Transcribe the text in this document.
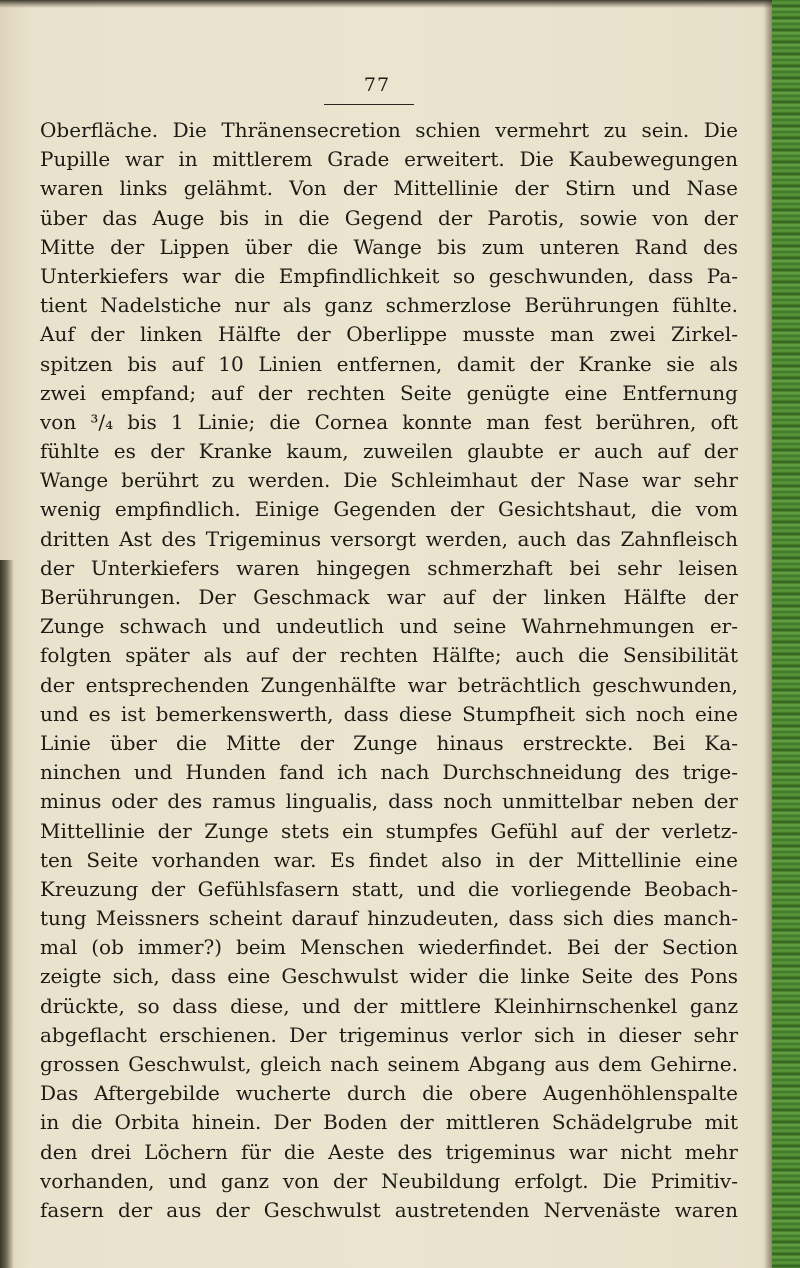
77
Oberfläche. Die Thränensecretion schien vermehrt zu sein. Die
Pupille war in mittlerem Grade erweitert. Die Kaubewegungen
waren links gelähmt. Von der Mittellinie der Stirn und Nase
über das Auge bis in die Gegend der Parotis, sowie von der
Mitte der Lippen über die Wange bis zum unteren Rand des
Unterkiefers war die Empfindlichkeit so geschwunden, dass Pa-
tient Nadelstiche nur als ganz schmerzlose Berührungen fühlte.
Auf der linken Hälfte der Oberlippe musste man zwei Zirkel-
spitzen bis auf 10 Linien entfernen, damit der Kranke sie als
zwei empfand; auf der rechten Seite genügte eine Entfernung
von ³/₄ bis 1 Linie; die Cornea konnte man fest berühren, oft
fühlte es der Kranke kaum, zuweilen glaubte er auch auf der
Wange berührt zu werden. Die Schleimhaut der Nase war sehr
wenig empfindlich. Einige Gegenden der Gesichtshaut, die vom
dritten Ast des Trigeminus versorgt werden, auch das Zahnfleisch
der Unterkiefers waren hingegen schmerzhaft bei sehr leisen
Berührungen. Der Geschmack war auf der linken Hälfte der
Zunge schwach und undeutlich und seine Wahrnehmungen er-
folgten später als auf der rechten Hälfte; auch die Sensibilität
der entsprechenden Zungenhälfte war beträchtlich geschwunden,
und es ist bemerkenswerth, dass diese Stumpfheit sich noch eine
Linie über die Mitte der Zunge hinaus erstreckte. Bei Ka-
ninchen und Hunden fand ich nach Durchschneidung des trige-
minus oder des ramus lingualis, dass noch unmittelbar neben der
Mittellinie der Zunge stets ein stumpfes Gefühl auf der verletz-
ten Seite vorhanden war. Es findet also in der Mittellinie eine
Kreuzung der Gefühlsfasern statt, und die vorliegende Beobach-
tung Meissners scheint darauf hinzudeuten, dass sich dies manch-
mal (ob immer?) beim Menschen wiederfindet. Bei der Section
zeigte sich, dass eine Geschwulst wider die linke Seite des Pons
drückte, so dass diese, und der mittlere Kleinhirnschenkel ganz
abgeflacht erschienen. Der trigeminus verlor sich in dieser sehr
grossen Geschwulst, gleich nach seinem Abgang aus dem Gehirne.
Das Aftergebilde wucherte durch die obere Augenhöhlenspalte
in die Orbita hinein. Der Boden der mittleren Schädelgrube mit
den drei Löchern für die Aeste des trigeminus war nicht mehr
vorhanden, und ganz von der Neubildung erfolgt. Die Primitiv-
fasern der aus der Geschwulst austretenden Nervenäste waren
